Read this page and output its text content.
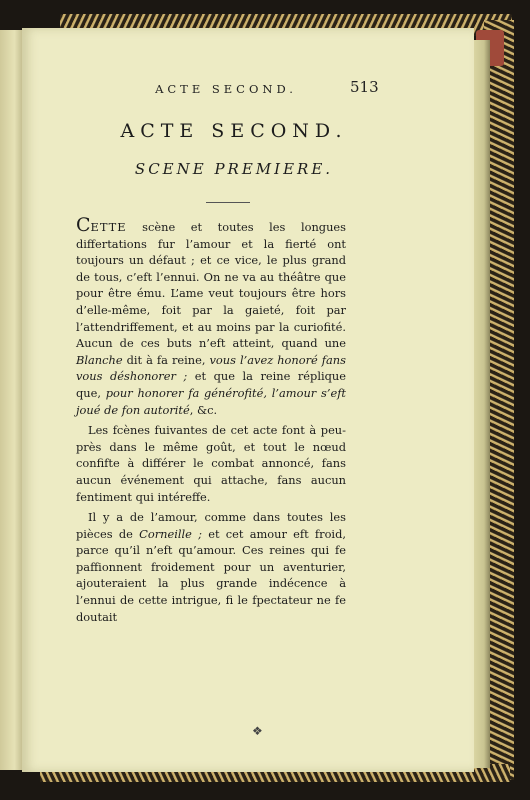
ACTE SECOND.	513
ACTE SECOND.
SCENE PREMIERE.

CETTE scène et toutes les longues differtations fur l’amour et la fierté ont toujours un défaut ; et ce vice, le plus grand de tous, c’eft l’ennui. On ne va au théâtre que pour être ému. L’ame veut toujours être hors d’elle-même, foit par la gaieté, foit par l’attendriffement, et au moins par la curiofité. Aucun de ces buts n’eft atteint, quand une Blanche dit à fa reine, vous l’avez honoré fans vous déshonorer ; et que la reine réplique que, pour honorer fa générofité, l’amour s’eft joué de fon autorité, &c.

Les fcènes fuivantes de cet acte font à peu-près dans le même goût, et tout le nœud confifte à différer le combat annoncé, fans aucun événement qui attache, fans aucun fentiment qui intéreffe.

Il y a de l’amour, comme dans toutes les pièces de Corneille ; et cet amour eft froid, parce qu’il n’eft qu’amour. Ces reines qui fe paffionnent froidement pour un aventurier, ajouteraient la plus grande indécence à l’ennui de cette intrigue, fi le fpectateur ne fe doutait

❖
